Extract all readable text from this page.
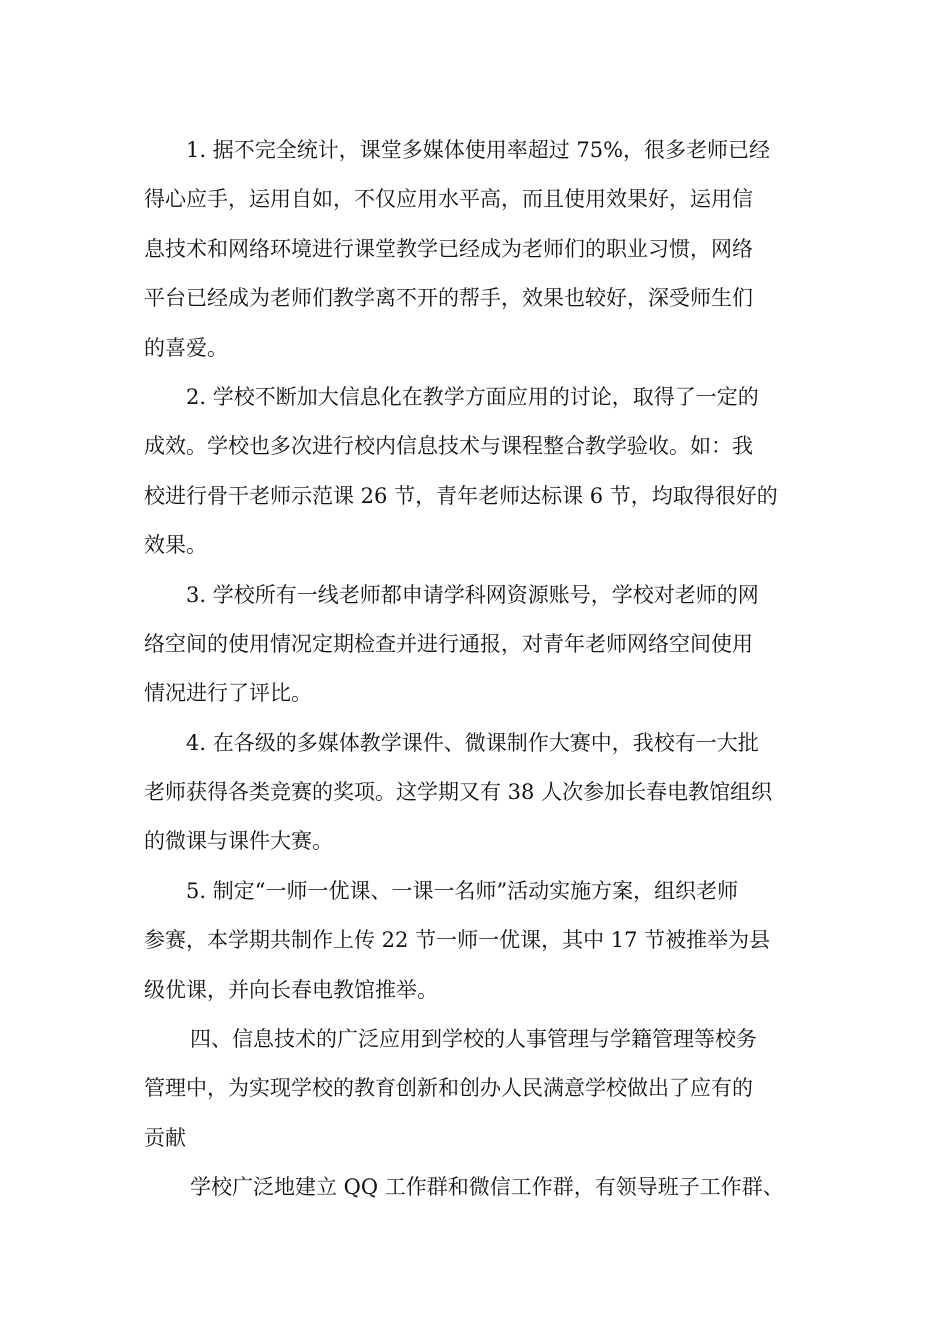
1. 据不完全统计，课堂多媒体使用率超过 75%，很多老师已经
得心应手，运用自如，不仅应用水平高，而且使用效果好，运用信
息技术和网络环境进行课堂教学已经成为老师们的职业习惯，网络
平台已经成为老师们教学离不开的帮手，效果也较好，深受师生们
的喜爱。
2. 学校不断加大信息化在教学方面应用的讨论，取得了一定的
成效。学校也多次进行校内信息技术与课程整合教学验收。如：我
校进行骨干老师示范课 26 节，青年老师达标课 6 节，均取得很好的
效果。
3. 学校所有一线老师都申请学科网资源账号，学校对老师的网
络空间的使用情况定期检查并进行通报，对青年老师网络空间使用
情况进行了评比。
4. 在各级的多媒体教学课件、微课制作大赛中，我校有一大批
老师获得各类竞赛的奖项。这学期又有 38 人次参加长春电教馆组织
的微课与课件大赛。
5. 制定“一师一优课、一课一名师”活动实施方案，组织老师
参赛，本学期共制作上传 22 节一师一优课，其中 17 节被推举为县
级优课，并向长春电教馆推举。
四、信息技术的广泛应用到学校的人事管理与学籍管理等校务
管理中，为实现学校的教育创新和创办人民满意学校做出了应有的
贡献
学校广泛地建立 QQ 工作群和微信工作群，有领导班子工作群、
